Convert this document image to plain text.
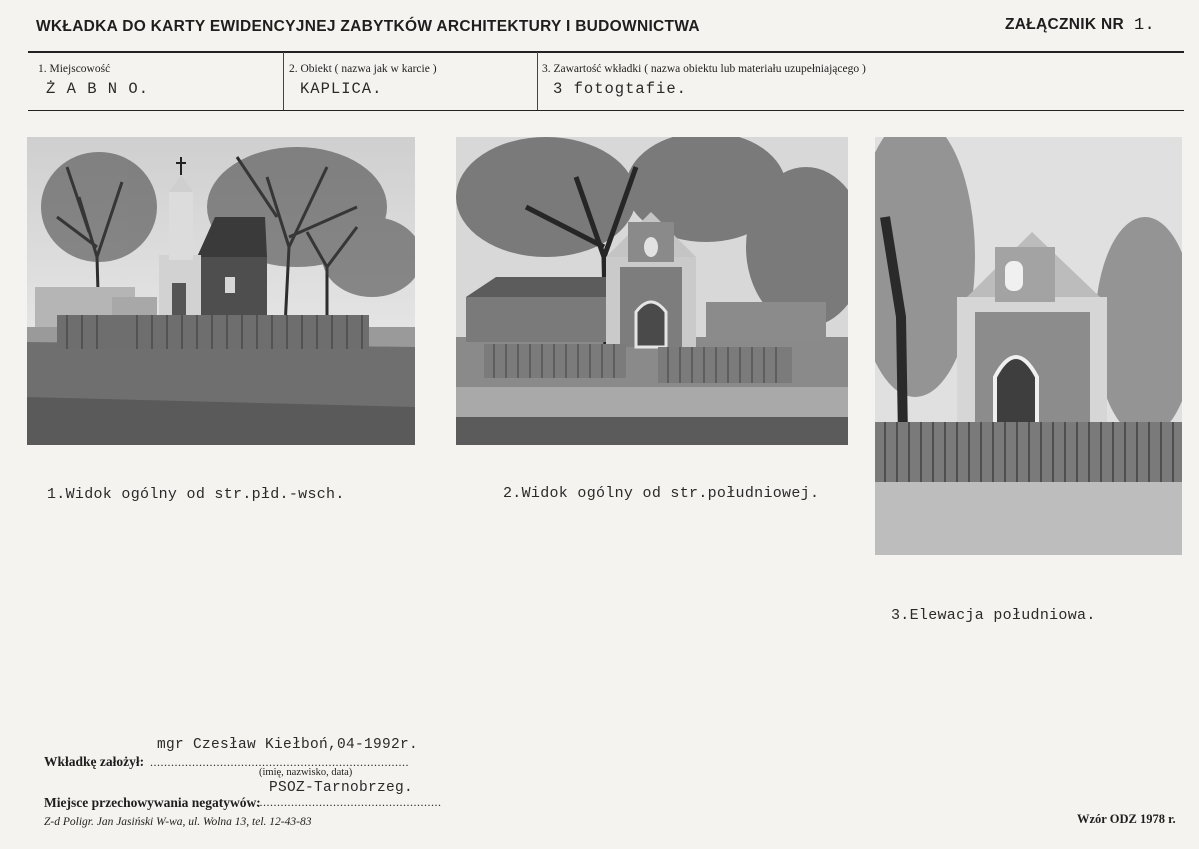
WKŁADKA DO KARTY EWIDENCYJNEJ ZABYTKÓW ARCHITEKTURY I BUDOWNICTWA	ZAŁĄCZNIK NR 1.
1. Miejscowość
Ż A B N O.
2. Obiekt ( nazwa jak w karcie )
KAPLICA.
3. Zawartość wkładki ( nazwa obiektu lub materiału uzupełniającego )
3 fotogtafie.
1.Widok ogólny od str.płd.-wsch.	2.Widok ogólny od str.południowej.
3.Elewacja południowa.
mgr Czesław Kiełboń,04-1992r.
Wkładkę założył: ..........................................................................
(imię, nazwisko, data)
PSOZ-Tarnobrzeg.
Miejsce przechowywania negatywów:
.....................................................
Z-d Poligr. Jan Jasiński W-wa, ul. Wolna 13, tel. 12-43-83	Wzór ODZ 1978 r.
